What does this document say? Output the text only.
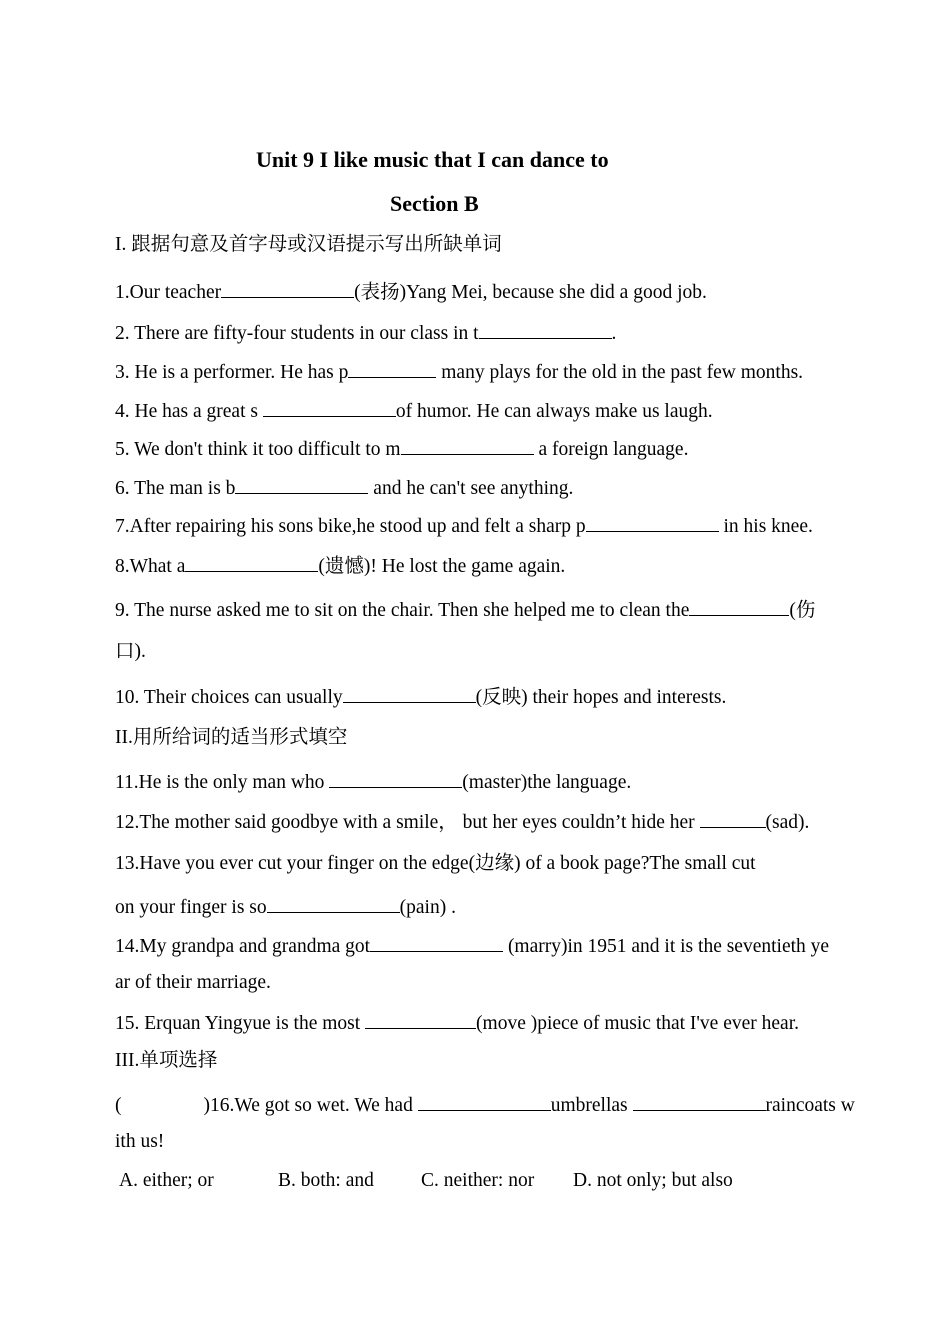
Unit 9 I like music that I can dance to
Section B
I. 跟据句意及首字母或汉语提示写出所缺单词
1.Our teacher	(表扬)Yang Mei, because she did a good job.
2. There are fifty-four students in our class in t	.
3. He is a performer. He has p	many plays for the old in the past few months.
4. He has a great s	of humor. He can always make us laugh.
5. We don't think it too difficult to m	a foreign language.
6. The man is b	and he can't see anything.
7.After repairing his sons bike,he stood up and felt a sharp p	in his knee.
8.What a	(遗憾)! He lost the game again.
9. The nurse asked me to sit on the chair. Then she helped me to clean the	(伤
口).
10. Their choices can usually	(反映) their hopes and interests.
II.用所给词的适当形式填空
11.He is the only man who	(master)the language.
12.The mother said goodbye with a smile， but her eyes couldn’t hide her	(sad).
13.Have you ever cut your finger on the edge(边缘) of a book page?The small cut
on your finger is so	(pain) .
14.My grandpa and grandma got	(marry)in 1951 and it is the seventieth ye
ar of their marriage.
15. Erquan Yingyue is the most	(move )piece of music that I've ever hear.
III.单项选择
(	)16.We got so wet. We had	umbrellas	raincoats w
ith us!
A. either; or	B. both: and C. neither: nor D. not only; but also
